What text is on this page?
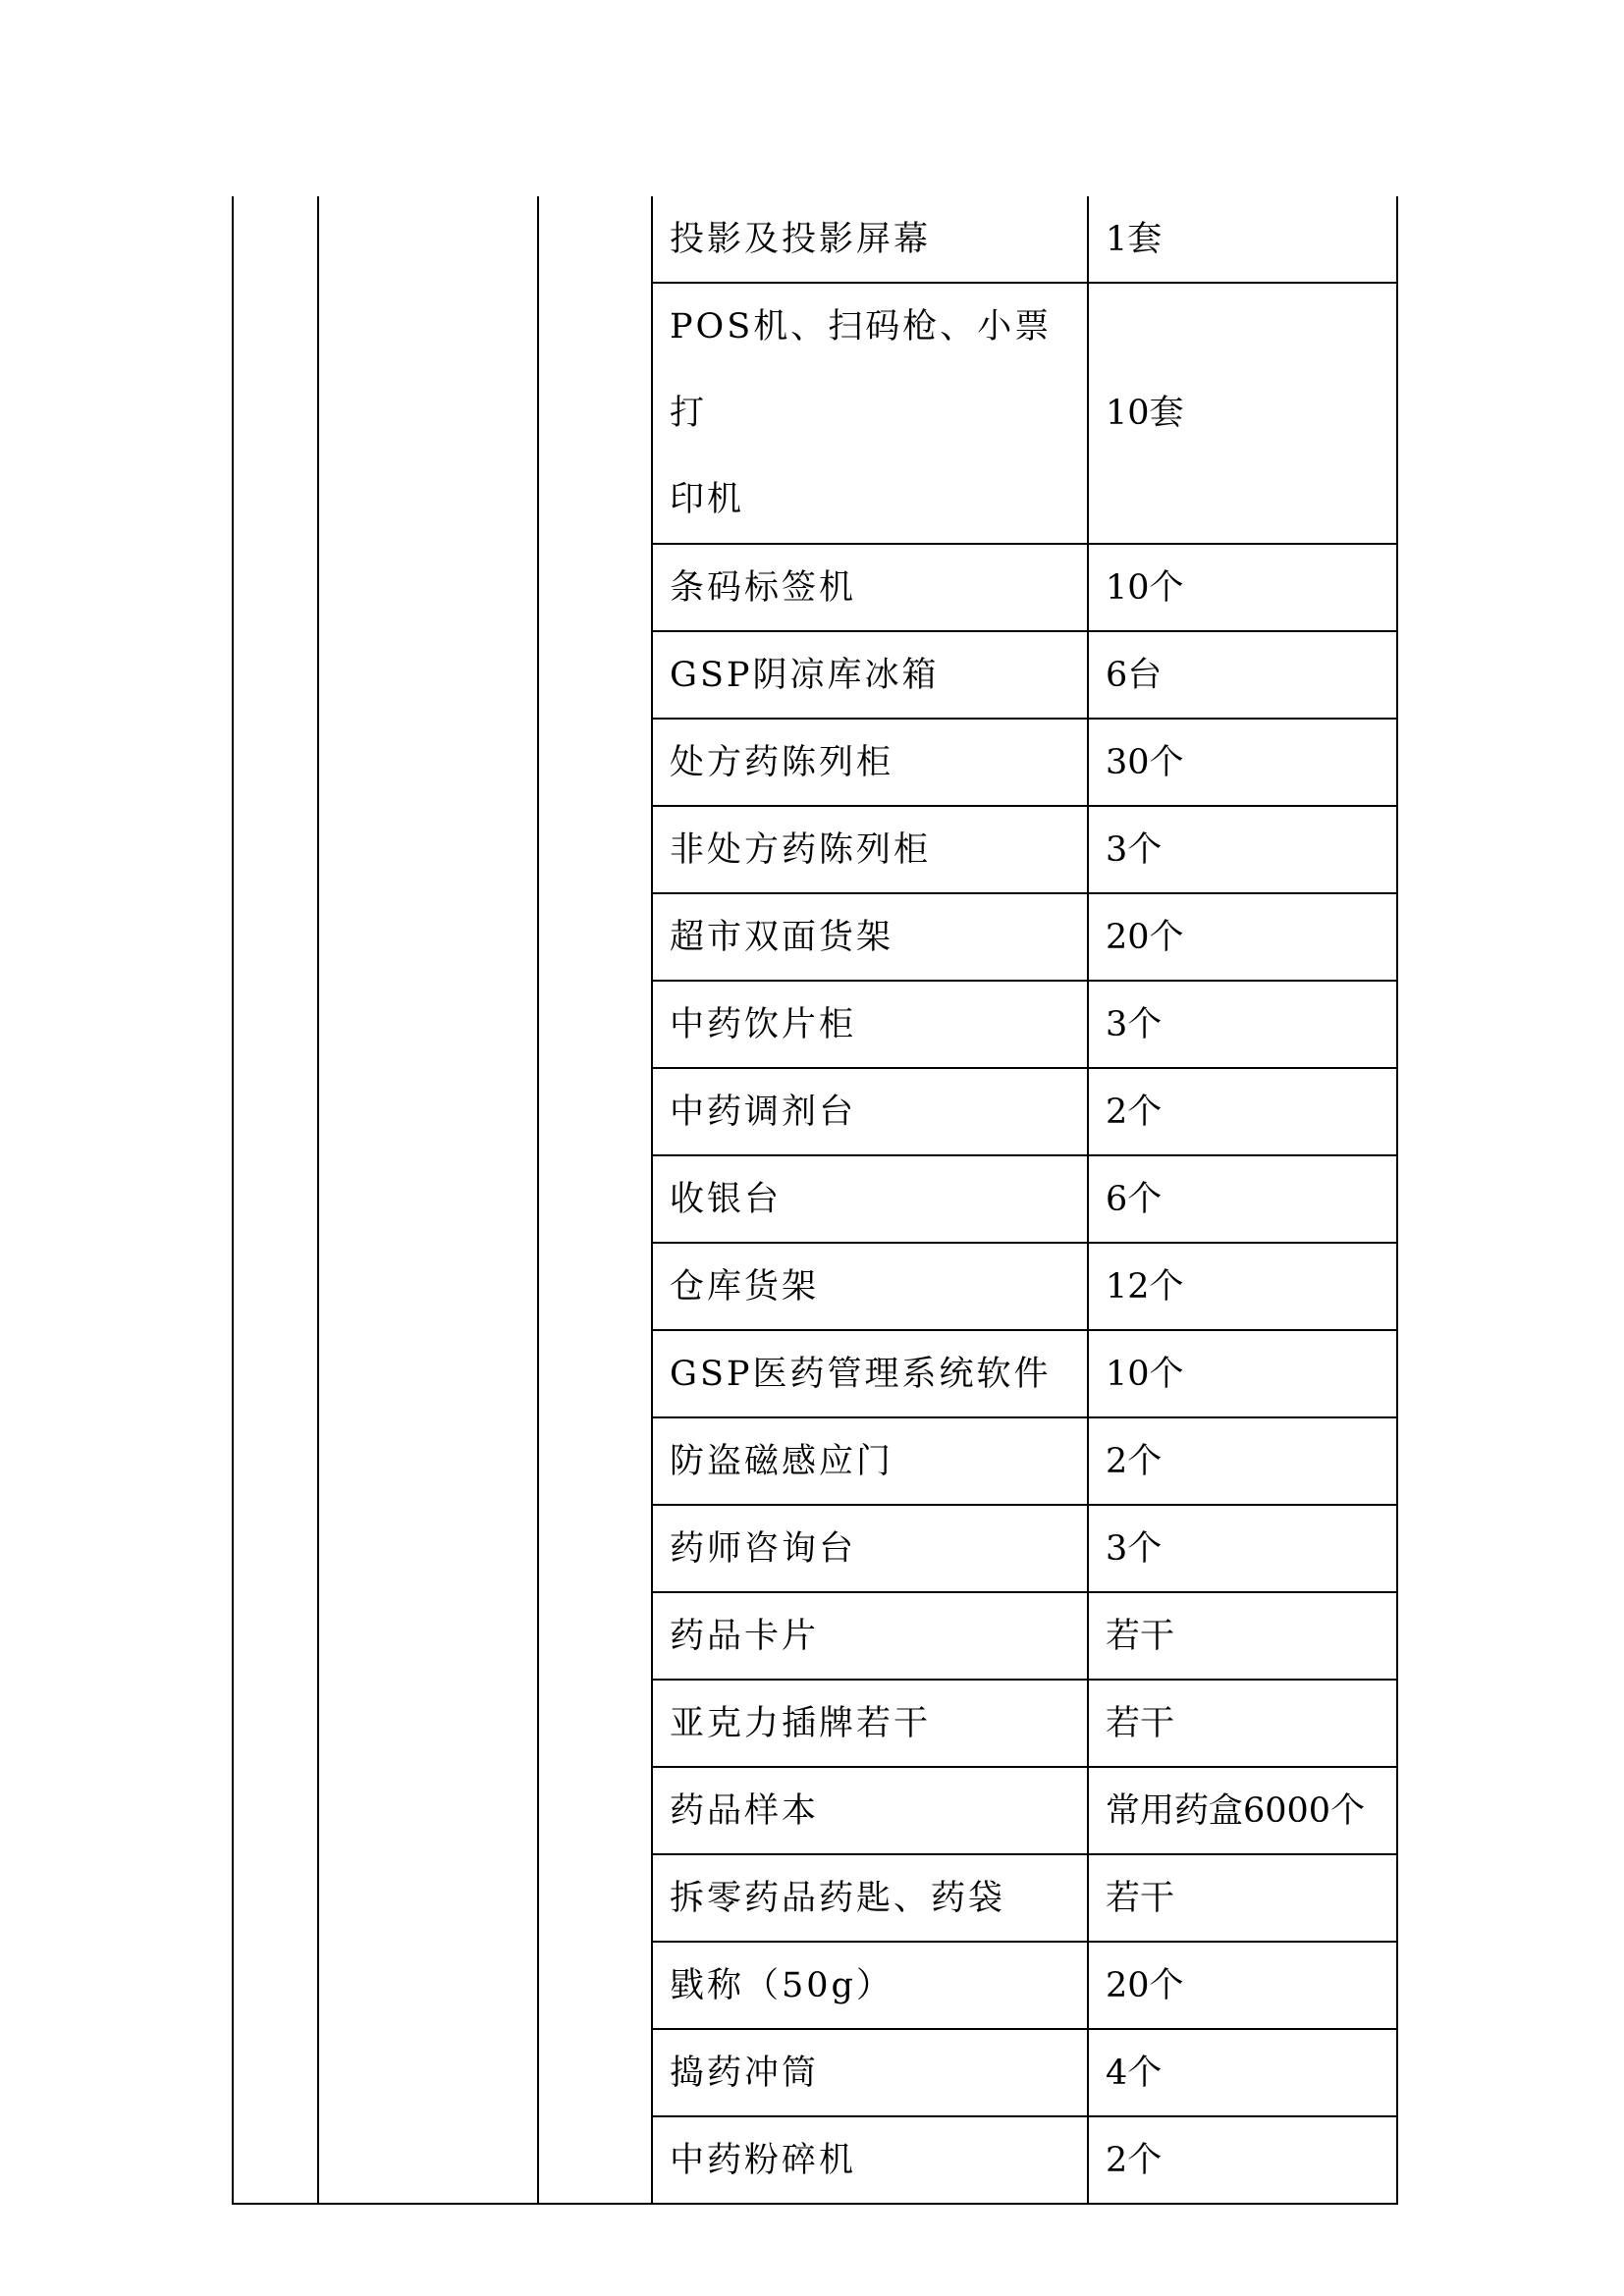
			投影及投影屏幕	1套

			POS机、扫码枪、小票打
印机	10套
			条码标签机	10个
			GSP阴凉库冰箱	6台
			处方药陈列柜	30个
			非处方药陈列柜	3个
			超市双面货架	20个
			中药饮片柜	3个
			中药调剂台	2个
			收银台	6个
			仓库货架	12个
			GSP医药管理系统软件	10个
			防盗磁感应门	2个
			药师咨询台	3个
			药品卡片	若干
			亚克力插牌若干	若干
			药品样本	常用药盒6000个
			拆零药品药匙、药袋	若干
			戥称（50g）	20个
			捣药冲筒	4个
			中药粉碎机	2个
